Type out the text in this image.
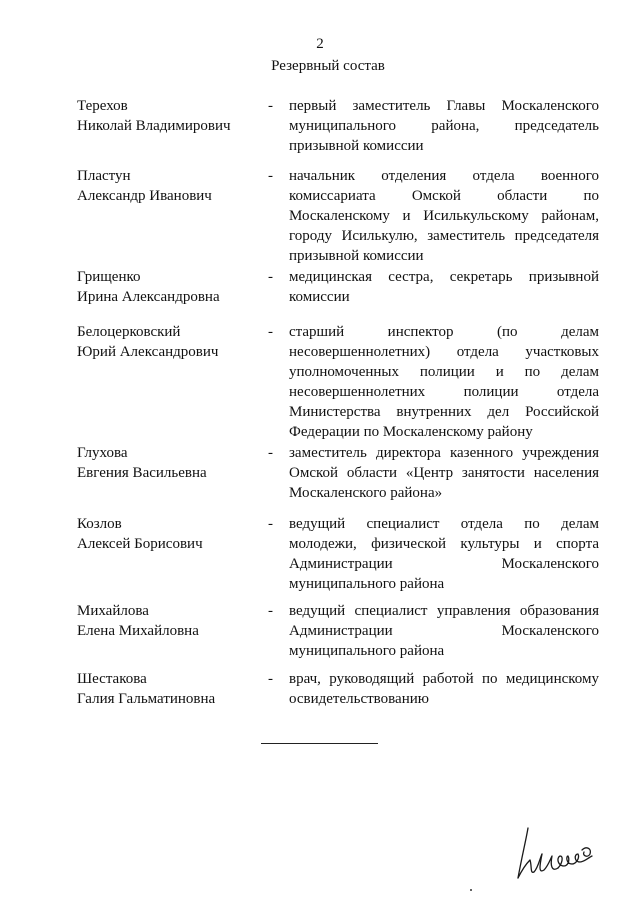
2
Резервный состав
Терехов
Николай Владимирович
- первый заместитель Главы Москаленского муниципального района, председатель призывной комиссии
Пластун
Александр Иванович
- начальник отделения отдела военного комиссариата Омской области по Москаленскому и Исилькульскому районам, городу Исилькулю, заместитель председателя призывной комиссии
Грищенко
Ирина Александровна
- медицинская сестра, секретарь призывной комиссии
Белоцерковский
Юрий Александрович
- старший инспектор (по делам несовершеннолетних) отдела участковых уполномоченных полиции и по делам несовершеннолетних полиции отдела Министерства внутренних дел Российской Федерации по Москаленскому району
Глухова
Евгения Васильевна
- заместитель директора казенного учреждения Омской области «Центр занятости населения Москаленского района»
Козлов
Алексей Борисович
- ведущий специалист отдела по делам молодежи, физической культуры и спорта Администрации Москаленского муниципального района
Михайлова
Елена Михайловна
- ведущий специалист управления образования Администрации Москаленского муниципального района
Шестакова
Галия Гальматиновна
- врач, руководящий работой по медицинскому освидетельствованию
